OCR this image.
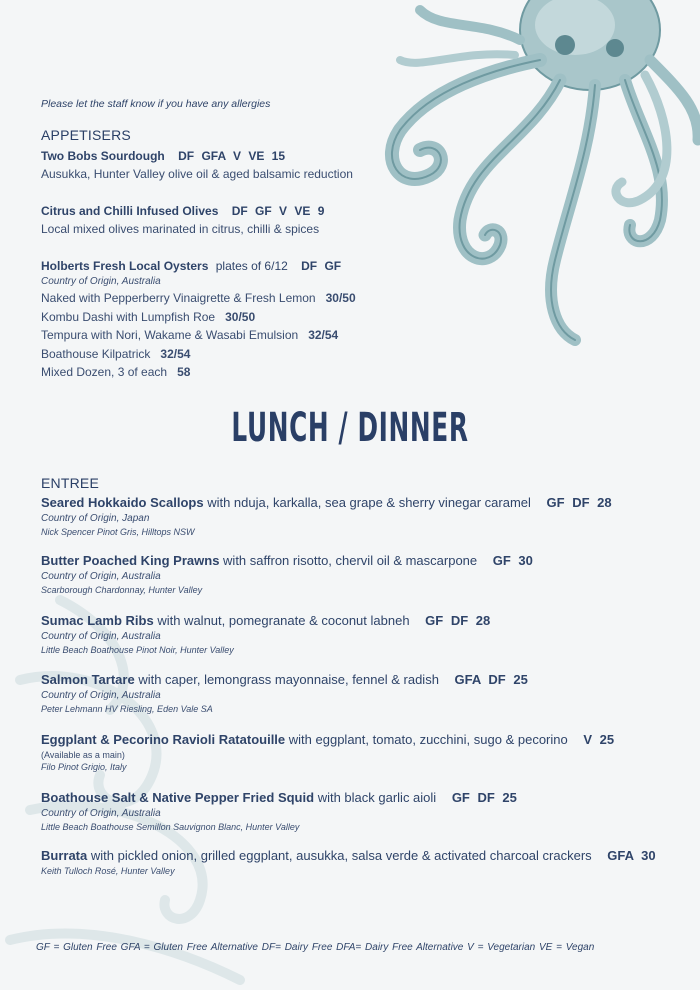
Please let the staff know if you have any allergies
APPETISERS
Two Bobs Sourdough DF GFA V VE 15
Ausukka, Hunter Valley olive oil & aged balsamic reduction
Citrus and Chilli Infused Olives DF GF V VE 9
Local mixed olives marinated in citrus, chilli & spices
Holberts Fresh Local Oysters plates of 6/12 DF GF
Country of Origin, Australia
Naked with Pepperberry Vinaigrette & Fresh Lemon 30/50
Kombu Dashi with Lumpfish Roe 30/50
Tempura with Nori, Wakame & Wasabi Emulsion 32/54
Boathouse Kilpatrick 32/54
Mixed Dozen, 3 of each 58
LUNCH / DINNER
ENTREE
Seared Hokkaido Scallops with nduja, karkalla, sea grape & sherry vinegar caramel GF DF 28
Country of Origin, Japan
Nick Spencer Pinot Gris, Hilltops NSW
Butter Poached King Prawns with saffron risotto, chervil oil & mascarpone GF 30
Country of Origin, Australia
Scarborough Chardonnay, Hunter Valley
Sumac Lamb Ribs with walnut, pomegranate & coconut labneh GF DF 28
Country of Origin, Australia
Little Beach Boathouse Pinot Noir, Hunter Valley
Salmon Tartare with caper, lemongrass mayonnaise, fennel & radish GFA DF 25
Country of Origin, Australia
Peter Lehmann HV Riesling, Eden Vale SA
Eggplant & Pecorino Ravioli Ratatouille with eggplant, tomato, zucchini, sugo & pecorino V 25
(Available as a main)
Filo Pinot Grigio, Italy
Boathouse Salt & Native Pepper Fried Squid with black garlic aioli GF DF 25
Country of Origin, Australia
Little Beach Boathouse Semillon Sauvignon Blanc, Hunter Valley
Burrata with pickled onion, grilled eggplant, ausukka, salsa verde & activated charcoal crackers GFA 30
Keith Tulloch Rosé, Hunter Valley
GF = Gluten Free GFA = Gluten Free Alternative DF= Dairy Free DFA= Dairy Free Alternative V = Vegetarian VE = Vegan
